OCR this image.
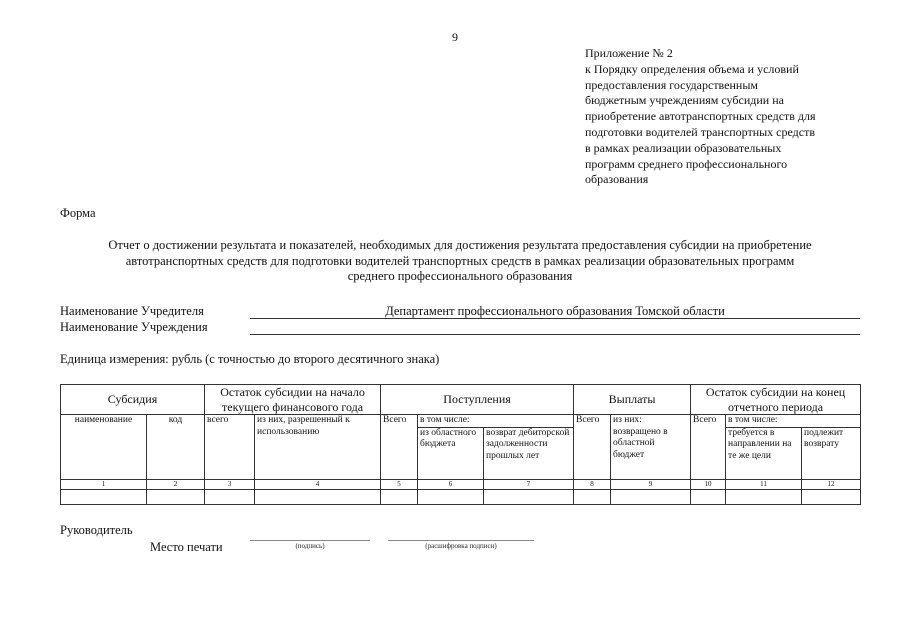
9
Приложение № 2
к Порядку определения объема и условий
предоставления государственным
бюджетным учреждениям субсидии на
приобретение автотранспортных средств для
подготовки водителей транспортных средств
в рамках реализации образовательных
программ среднего профессионального
образования
Форма
Отчет о достижении результата и показателей, необходимых для достижения результата предоставления субсидии на приобретение
автотранспортных средств для подготовки водителей транспортных средств в рамках реализации образовательных программ
среднего профессионального образования
Наименование Учредителя	Департамент профессионального образования Томской области
Наименование Учреждения
Единица измерения: рубль (с точностью до второго десятичного знака)
Субсидия		Остаток субсидии на начало текущего финансового года		Поступления			Выплаты		Остаток субсидии на конец отчетного периода		
наименование	код	всего	из них, разрешенный к использованию	Всего	в том числе:		Всего	из них: возвращено в областной бюджет	Всего	в том числе:	
					из областного бюджета	возврат дебиторской задолженности прошлых лет				требуется в направлении на те же цели	подлежит возврату
1	2	3	4	5	6	7	8	9	10	11	12

Руководитель
Место печати	(подпись)	(расшифровка подписи)
